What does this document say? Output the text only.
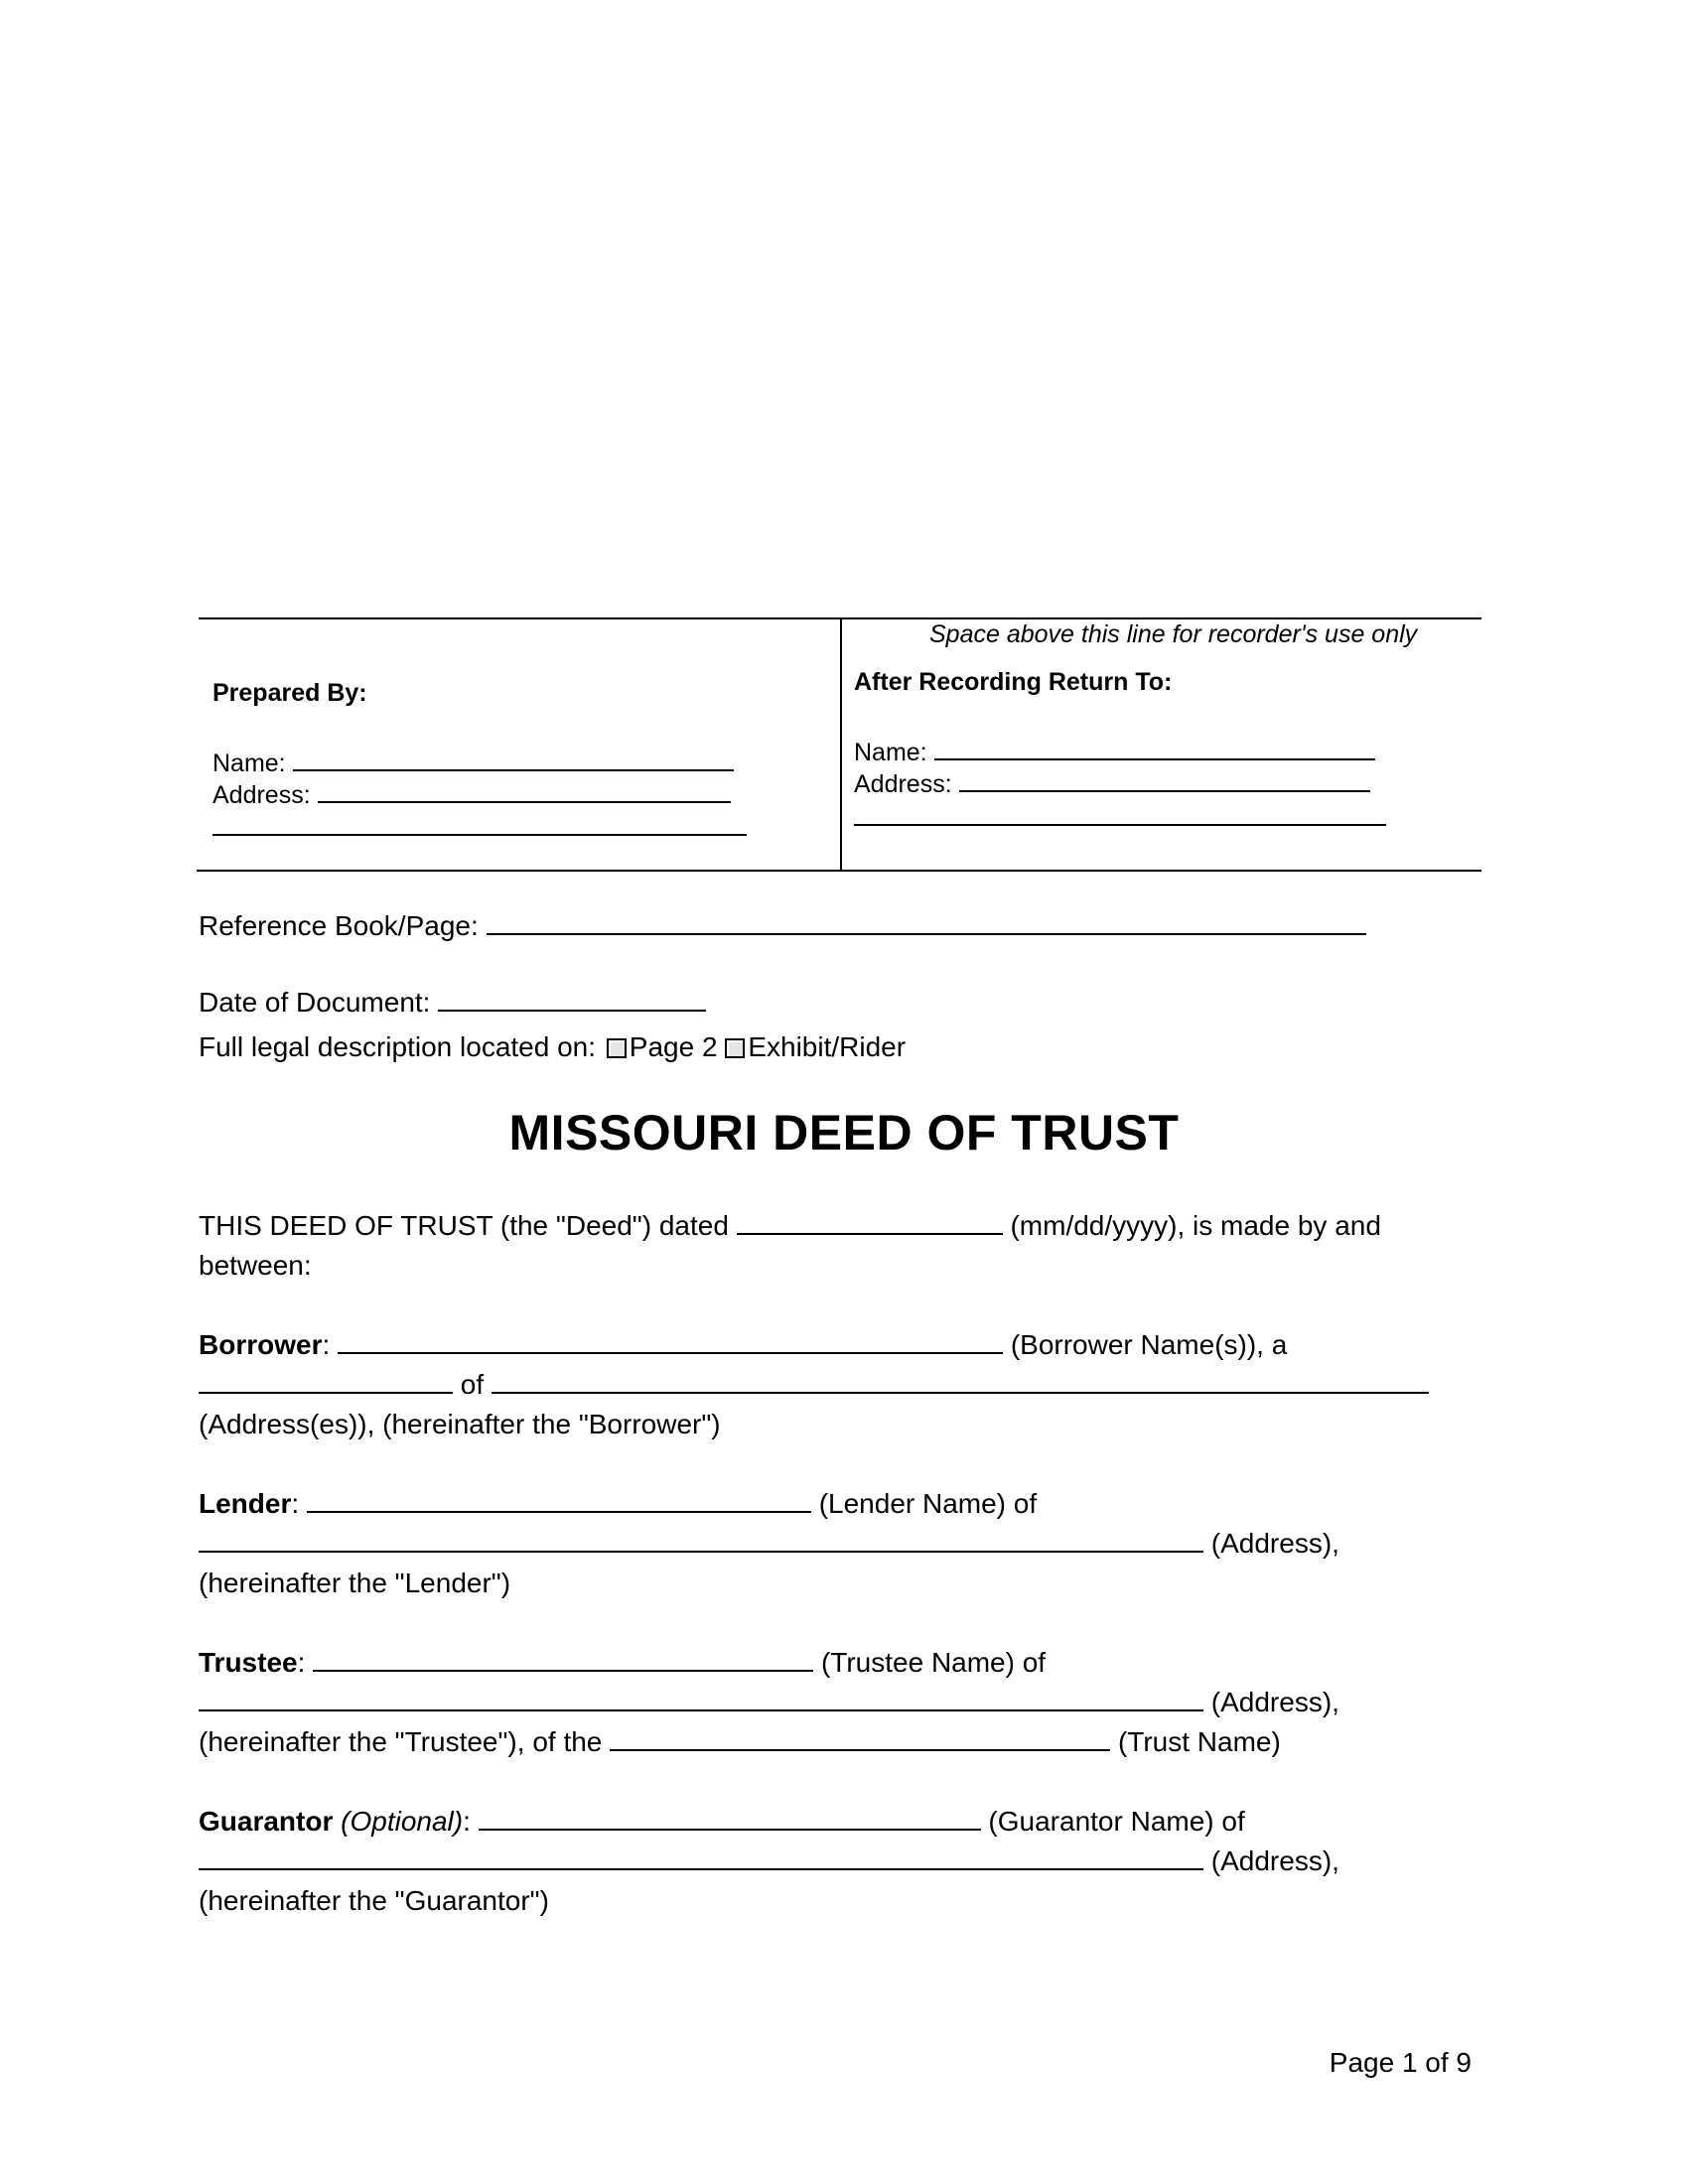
Space above this line for recorder's use only
Prepared By:
Name:
Address:
After Recording Return To:
Name:
Address:
Reference Book/Page:
Date of Document:
Full legal description located on: Page 2 Exhibit/Rider
MISSOURI DEED OF TRUST
THIS DEED OF TRUST (the "Deed") dated	(mm/dd/yyyy), is made by and
between:
Borrower:	(Borrower Name(s)), a
of
(Address(es)), (hereinafter the "Borrower")
Lender:	(Lender Name) of
(Address),
(hereinafter the "Lender")
Trustee:	(Trustee Name) of
(Address),
(hereinafter the "Trustee"), of the	(Trust Name)
Guarantor (Optional):	(Guarantor Name) of
(Address),
(hereinafter the "Guarantor")
Page 1 of 9
